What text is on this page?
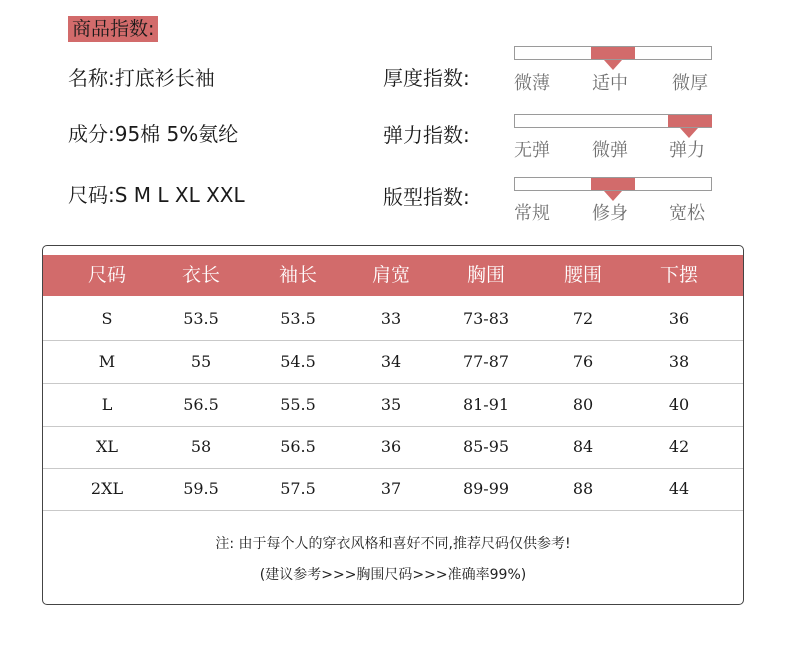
商品指数:
名称:打底衫长袖
成分:95棉 5%氨纶
尺码:S M L XL XXL
厚度指数: 微薄 适中 微厚
弹力指数:
无弹 微弹 弹力
版型指数:
常规 修身 宽松
尺码	衣长	袖长	肩宽	胸围	腰围	下摆
S	53.5	53.5	33	73-83	72	36
M	55	54.5	34	77-87	76	38
L	56.5	55.5	35	81-91	80	40
XL	58	56.5	36	85-95	84	42
2XL	59.5	57.5	37	89-99	88	44
注: 由于每个人的穿衣风格和喜好不同,推荐尺码仅供参考!
(建议参考>>>胸围尺码>>>准确率99%)
